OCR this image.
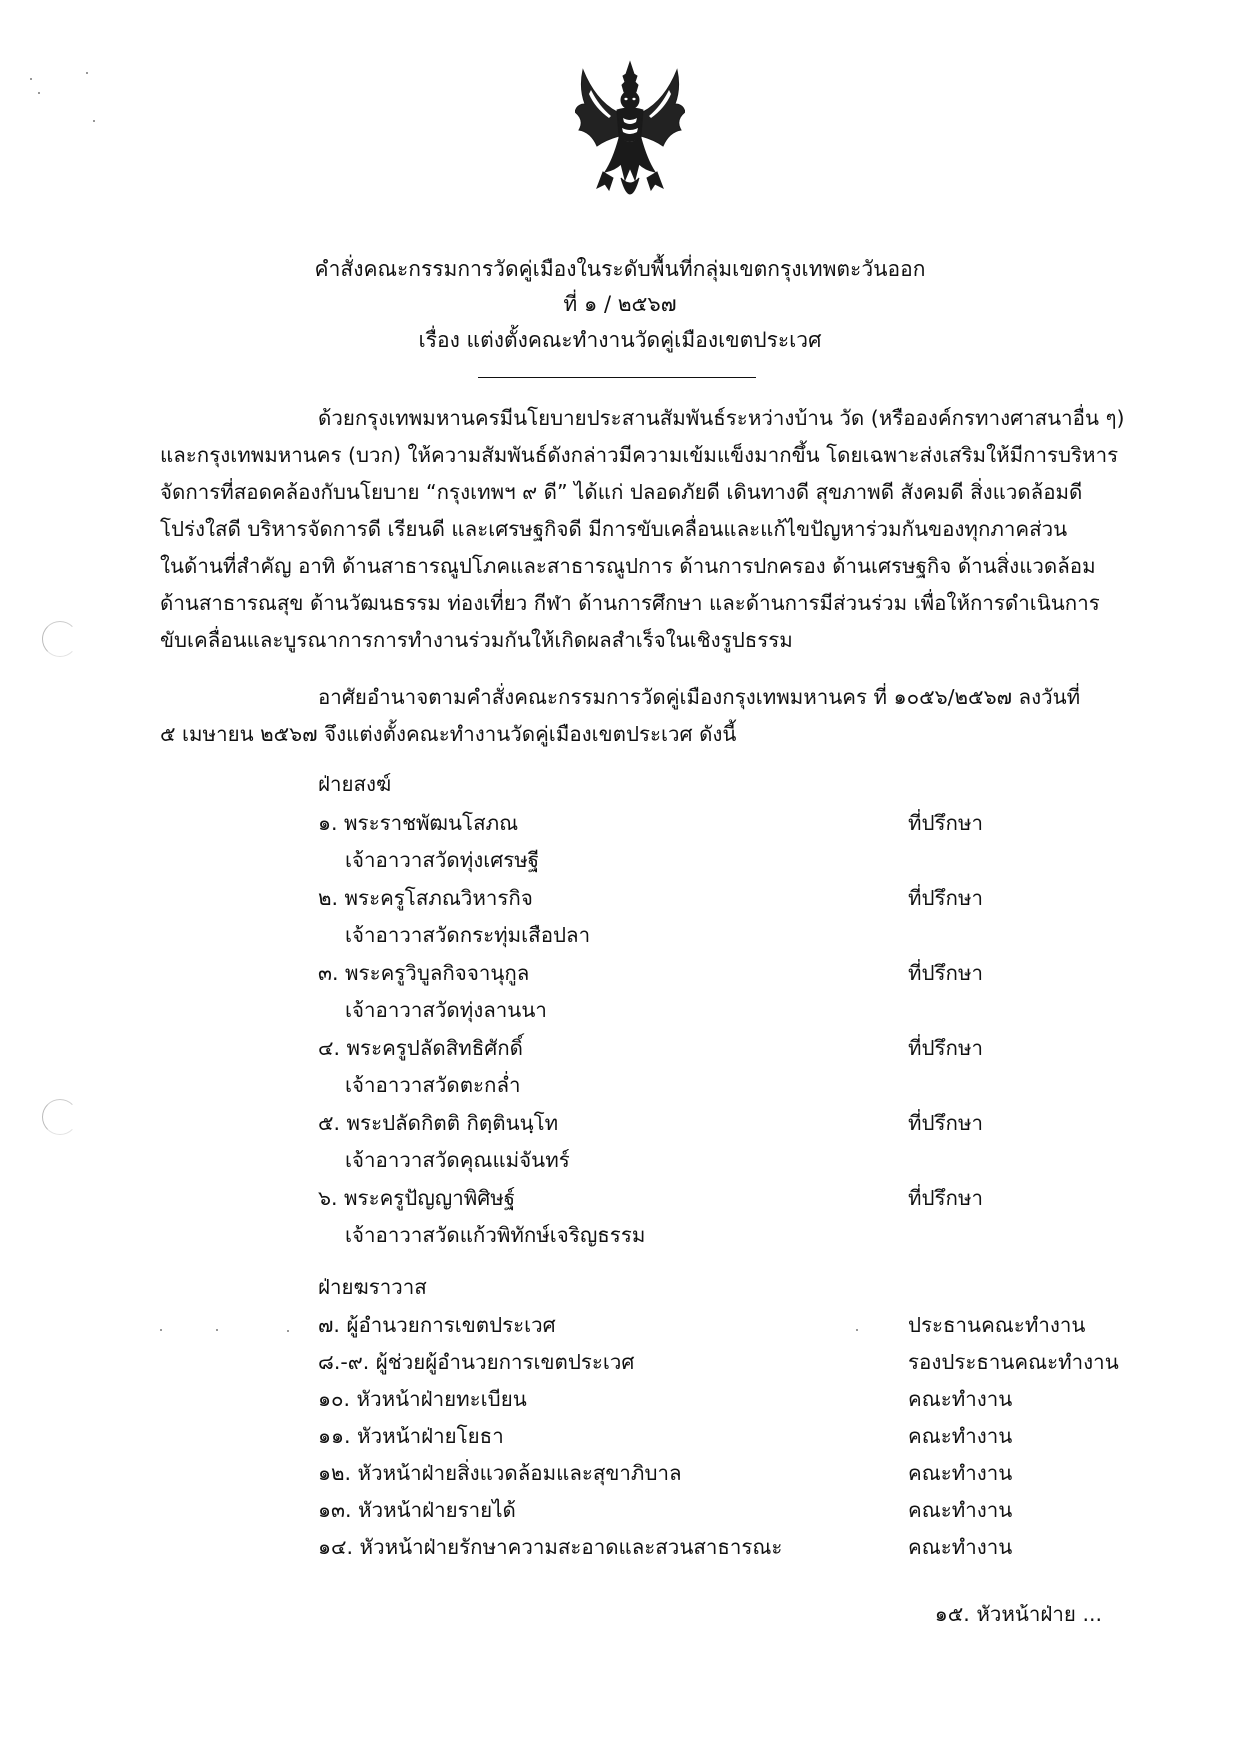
คำสั่งคณะกรรมการวัดคู่เมืองในระดับพื้นที่กลุ่มเขตกรุงเทพตะวันออก
ที่ ๑ / ๒๕๖๗
เรื่อง แต่งตั้งคณะทำงานวัดคู่เมืองเขตประเวศ
ด้วยกรุงเทพมหานครมีนโยบายประสานสัมพันธ์ระหว่างบ้าน วัด (หรือองค์กรทางศาสนาอื่น ๆ)
และกรุงเทพมหานคร (บวก) ให้ความสัมพันธ์ดังกล่าวมีความเข้มแข็งมากขึ้น โดยเฉพาะส่งเสริมให้มีการบริหาร
จัดการที่สอดคล้องกับนโยบาย “กรุงเทพฯ ๙ ดี” ได้แก่ ปลอดภัยดี เดินทางดี สุขภาพดี สังคมดี สิ่งแวดล้อมดี
โปร่งใสดี บริหารจัดการดี เรียนดี และเศรษฐกิจดี มีการขับเคลื่อนและแก้ไขปัญหาร่วมกันของทุกภาคส่วน
ในด้านที่สำคัญ อาทิ ด้านสาธารณูปโภคและสาธารณูปการ ด้านการปกครอง ด้านเศรษฐกิจ ด้านสิ่งแวดล้อม
ด้านสาธารณสุข ด้านวัฒนธรรม ท่องเที่ยว กีฬา ด้านการศึกษา และด้านการมีส่วนร่วม เพื่อให้การดำเนินการ
ขับเคลื่อนและบูรณาการการทำงานร่วมกันให้เกิดผลสำเร็จในเชิงรูปธรรม
อาศัยอำนาจตามคำสั่งคณะกรรมการวัดคู่เมืองกรุงเทพมหานคร ที่ ๑๐๕๖/๒๕๖๗ ลงวันที่
๕ เมษายน ๒๕๖๗ จึงแต่งตั้งคณะทำงานวัดคู่เมืองเขตประเวศ ดังนี้
ฝ่ายสงฆ์
๑. พระราชพัฒนโสภณ	ที่ปรึกษา
เจ้าอาวาสวัดทุ่งเศรษฐี
๒. พระครูโสภณวิหารกิจ	ที่ปรึกษา
เจ้าอาวาสวัดกระทุ่มเสือปลา
๓. พระครูวิบูลกิจจานุกูล	ที่ปรึกษา
เจ้าอาวาสวัดทุ่งลานนา
๔. พระครูปลัดสิทธิศักดิ์	ที่ปรึกษา
เจ้าอาวาสวัดตะกล่ำ
๕. พระปลัดกิตติ กิตฺตินนฺโท	ที่ปรึกษา
เจ้าอาวาสวัดคุณแม่จันทร์
๖. พระครูปัญญาพิศิษฐ์	ที่ปรึกษา
เจ้าอาวาสวัดแก้วพิทักษ์เจริญธรรม
ฝ่ายฆราวาส
๗. ผู้อำนวยการเขตประเวศ	ประธานคณะทำงาน
๘.-๙. ผู้ช่วยผู้อำนวยการเขตประเวศ	รองประธานคณะทำงาน
๑๐. หัวหน้าฝ่ายทะเบียน	คณะทำงาน
๑๑. หัวหน้าฝ่ายโยธา	คณะทำงาน
๑๒. หัวหน้าฝ่ายสิ่งแวดล้อมและสุขาภิบาล	คณะทำงาน
๑๓. หัวหน้าฝ่ายรายได้	คณะทำงาน
๑๔. หัวหน้าฝ่ายรักษาความสะอาดและสวนสาธารณะ	คณะทำงาน
๑๕. หัวหน้าฝ่าย ...
